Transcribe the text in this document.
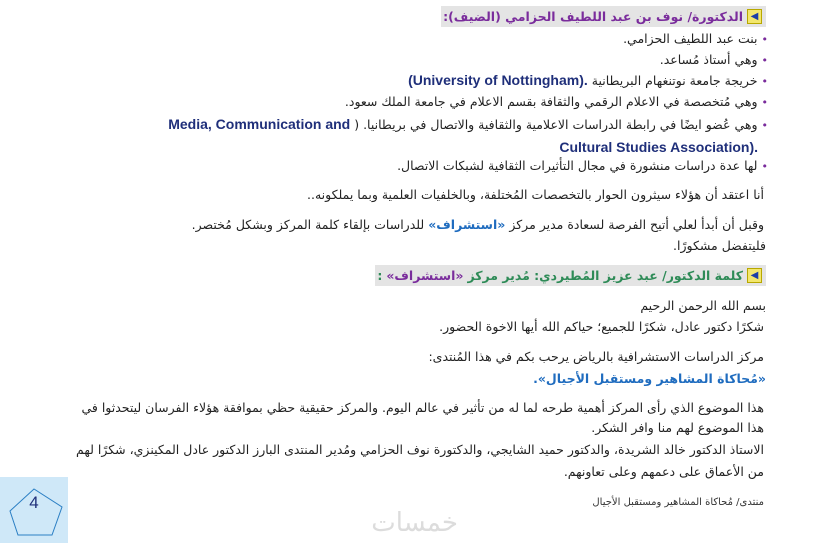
◀
الدكتورة/ نوف بن عبد اللطيف الحزامي (الضيف):
•
بنت عبد اللطيف الحزامي.
•
وهي أستاذ مُساعد.
•
خريجة جامعة نوتنغهام البريطانية
(University of Nottingham).
•
وهي مُتخصصة في الاعلام الرقمي والثقافة بقسم الاعلام في جامعة الملك سعود.
•
وهي عُضو ايضًا في رابطة الدراسات الاعلامية والثقافية والاتصال في بريطانيا. (
Media, Communication and
Cultural Studies Association).
•
لها عدة دراسات منشورة في مجال التأثيرات الثقافية لشبكات الاتصال.
أنا اعتقد أن هؤلاء سيثرون الحوار بالتخصصات المُختلفة، وبالخلفيات العلمية وبما يملكونه..
وقبل أن أبدأ لعلي أتيح الفرصة لسعادة مدير مركز «استشراف» للدراسات بإلقاء كلمة المركز وبشكل مُختصر.
فليتفضل مشكورًا.
◀
كلمة الدكتور/ عبد عزيز المُطيردي: مُدير مركز
«استشراف»
:
بسم الله الرحمن الرحيم
شكرًا دكتور عادل، شكرًا للجميع؛ حياكم الله أيها الاخوة الحضور.
مركز الدراسات الاستشرافية بالرياض يرحب بكم في هذا المُنتدى:
«مُحاكاة المشاهير ومستقبل الأجيال».
هذا الموضوع الذي رأى المركز أهمية طرحه لما له من تأثير في عالم اليوم. والمركز حقيقية حظي بموافقة هؤلاء الفرسان ليتحدثوا في
هذا الموضوع لهم منا وافر الشكر.
الاستاذ الدكتور خالد الشريدة، والدكتور حميد الشايجي، والدكتورة نوف الحزامي ومُدير المنتدى البارز الدكتور عادل المكينزي، شكرًا لهم
من الأعماق على دعمهم وعلى تعاونهم.
منتدى/ مُحاكاة المشاهير ومستقبل الأجيال
خمسات
4
